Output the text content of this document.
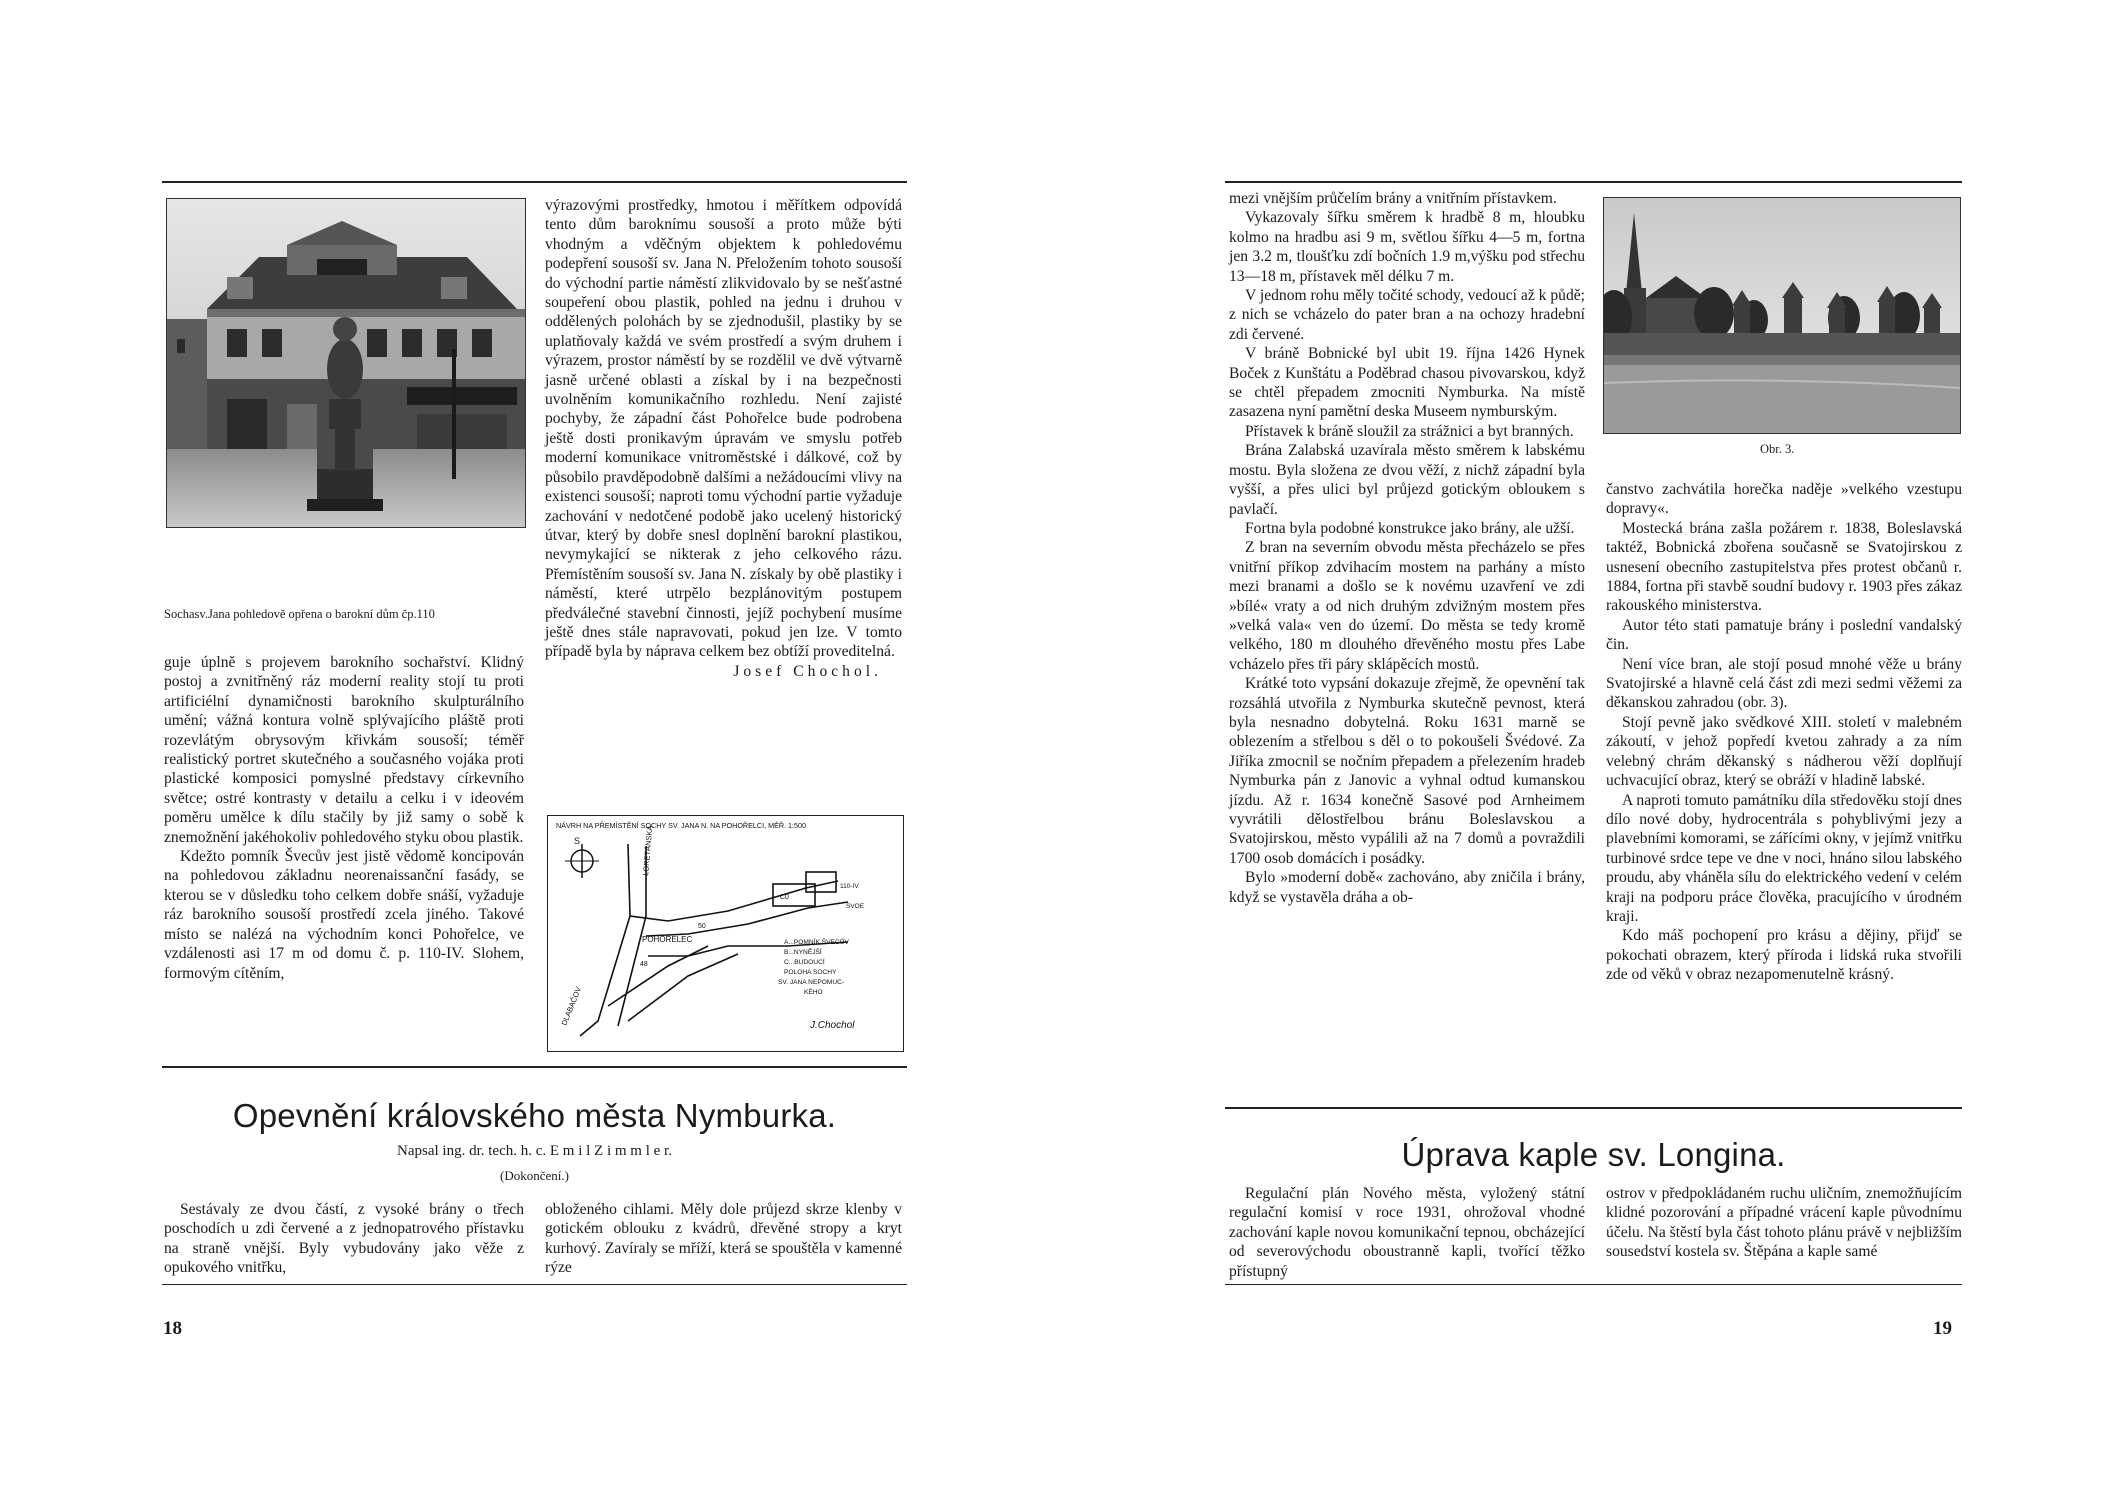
Sochasv.Jana pohledově opřena o barokní dům čp.110

guje úplně s projevem barokního sochařství. Klidný postoj a zvnitřněný ráz moderní reality stojí tu proti artificiélní dynamičnosti barokního skulpturálního umění; vážná kontura volně splývajícího pláště proti rozevlátým obrysovým křivkám sousoší; téměř realistický portret skutečného a současného vojáka proti plastické komposici pomyslné představy církevního světce; ostré kontrasty v detailu a celku i v ideovém poměru umělce k dílu stačily by již samy o sobě k znemožnění jakéhokoliv pohledového styku obou plastik.

Kdežto pomník Švecův jest jistě vědomě koncipován na pohledovou základnu neorenaissanční fasády, se kterou se v důsledku toho celkem dobře snáší, vyžaduje ráz barokního sousoší prostředí zcela jiného. Takové místo se nalézá na východním konci Pohořelce, ve vzdálenosti asi 17 m od domu č. p. 110-IV. Slohem, formovým cítěním,

výrazovými prostředky, hmotou i měřítkem odpovídá tento dům baroknímu sousoší a proto může býti vhodným a vděčným objektem k pohledovému podepření sousoší sv. Jana N. Přeložením tohoto sousoší do východní partie náměstí zlikvidovalo by se nešťastné soupeření obou plastik, pohled na jednu i druhou v oddělených polohách by se zjednodušil, plastiky by se uplatňovaly každá ve svém prostředí a svým druhem i výrazem, prostor náměstí by se rozdělil ve dvě výtvarně jasně určené oblasti a získal by i na bezpečnosti uvolněním komunikačního rozhledu. Není zajisté pochyby, že západní část Pohořelce bude podrobena ještě dosti pronikavým úpravám ve smyslu potřeb moderní komunikace vnitroměstské i dálkové, což by působilo pravděpodobně dalšími a nežádoucími vlivy na existenci sousoší; naproti tomu východní partie vyžaduje zachování v nedotčené podobě jako ucelený historický útvar, který by dobře snesl doplnění barokní plastikou, nevymykající se nikterak z jeho celkového rázu. Přemístěním sousoší sv. Jana N. získaly by obě plastiky i náměstí, které utrpělo bezplánovitým postupem předválečné stavební činnosti, jejíž pochybení musíme ještě dnes stále napravovati, pokud jen lze. V tomto případě byla by náprava celkem bez obtíží proveditelná.

Josef Chochol.

NÁVRH NA PŘEMÍSTĚNÍ SOCHY SV. JANA N. NA POHOŘELCI, MĚŘ. 1:500
S	LORETÁNSKÁ
DLABAČOV
POHOŘELEC
50
48
C0
110-IV
SVOE
A...POMNÍK ŠVECŮV
B...NYNĚJŠÍ
C...BUDOUCÍ
POLOHA SOCHY
SV. JANA NEPOMUC-
KÉHO
J.Chochol
Opevnění královského města Nymburka.
Napsal ing. dr. tech. h. c. E m i l Z i m m l e r.
(Dokončení.)

Sestávaly ze dvou částí, z vysoké brány o třech poschodích u zdi červené a z jednopatrového přístavku na straně vnější. Byly vybudovány jako věže z opukového vnitřku,

obloženého cihlami. Měly dole průjezd skrze klenby v gotickém oblouku z kvádrů, dřevěné stropy a kryt kurhový. Zavíraly se mříží, která se spouštěla v kamenné rýze

18

mezi vnějším průčelím brány a vnitřním přístavkem.

Vykazovaly šířku směrem k hradbě 8 m, hloubku kolmo na hradbu asi 9 m, světlou šířku 4—5 m, fortna jen 3.2 m, tloušťku zdí bočních 1.9 m,výšku pod střechu 13—18 m, přístavek měl délku 7 m.

V jednom rohu měly točité schody, vedoucí až k půdě; z nich se vcházelo do pater bran a na ochozy hradební zdi červené.

V bráně Bobnické byl ubit 19. října 1426 Hynek Boček z Kunštátu a Poděbrad chasou pivovarskou, když se chtěl přepadem zmocniti Nymburka. Na místě zasazena nyní pamětní deska Museem nymburským.

Přístavek k bráně sloužil za strážnici a byt branných.

Brána Zalabská uzavírala město směrem k labskému mostu. Byla složena ze dvou věží, z nichž západní byla vyšší, a přes ulici byl průjezd gotickým obloukem s pavlačí.

Fortna byla podobné konstrukce jako brány, ale užší.

Z bran na severním obvodu města přecházelo se přes vnitřní příkop zdvihacím mostem na parhány a místo mezi branami a došlo se k novému uzavření ve zdi »bílé« vraty a od nich druhým zdvižným mostem přes »velká vala« ven do území. Do města se tedy kromě velkého, 180 m dlouhého dřevěného mostu přes Labe vcházelo přes tři páry sklápěcích mostů.

Krátké toto vypsání dokazuje zřejmě, že opevnění tak rozsáhlá utvořila z Nymburka skutečně pevnost, která byla nesnadno dobytelná. Roku 1631 marně se oblezením a střelbou s děl o to pokoušeli Švédové. Za Jiříka zmocnil se nočním přepadem a přelezením hradeb Nymburka pán z Janovic a vyhnal odtud kumanskou jízdu. Až r. 1634 konečně Sasové pod Arnheimem vyvrátili dělostřelbou bránu Boleslavskou a Svatojirskou, město vypálili až na 7 domů a povraždili 1700 osob domácích i posádky.

Bylo »moderní době« zachováno, aby zničila i brány, když se vystavěla dráha a ob-

Obr. 3.

čanstvo zachvátila horečka naděje »velkého vzestupu dopravy«.

Mostecká brána zašla požárem r. 1838, Boleslavská taktéž, Bobnická zbořena současně se Svatojirskou z usnesení obecního zastupitelstva přes protest občanů r. 1884, fortna při stavbě soudní budovy r. 1903 přes zákaz rakouského ministerstva.

Autor této stati pamatuje brány i poslední vandalský čin.

Není více bran, ale stojí posud mnohé věže u brány Svatojirské a hlavně celá část zdi mezi sedmi věžemi za děkanskou zahradou (obr. 3).

Stojí pevně jako svědkové XIII. století v malebném zákoutí, v jehož popředí kvetou zahrady a za ním velebný chrám děkanský s nádherou věží doplňují uchvacující obraz, který se obráží v hladině labské.

A naproti tomuto památníku díla středověku stojí dnes dílo nové doby, hydrocentrála s pohyblivými jezy a plavebními komorami, se zářícími okny, v jejímž vnitřku turbinové srdce tepe ve dne v noci, hnáno silou labského proudu, aby vháněla sílu do elektrického vedení v celém kraji na podporu práce člověka, pracujícího v úrodném kraji.

Kdo máš pochopení pro krásu a dějiny, přijď se pokochati obrazem, který příroda i lidská ruka stvořili zde od věků v obraz nezapomenutelně krásný.

Úprava kaple sv. Longina.

Regulační plán Nového města, vyložený státní regulační komisí v roce 1931, ohrožoval vhodné zachování kaple novou komunikační tepnou, obcházející od severovýchodu oboustranně kapli, tvořící těžko přístupný

ostrov v předpokládaném ruchu uličním, znemožňujícím klidné pozorování a případné vrácení kaple původnímu účelu. Na štěstí byla část tohoto plánu právě v nejbližším sousedství kostela sv. Štěpána a kaple samé

19
